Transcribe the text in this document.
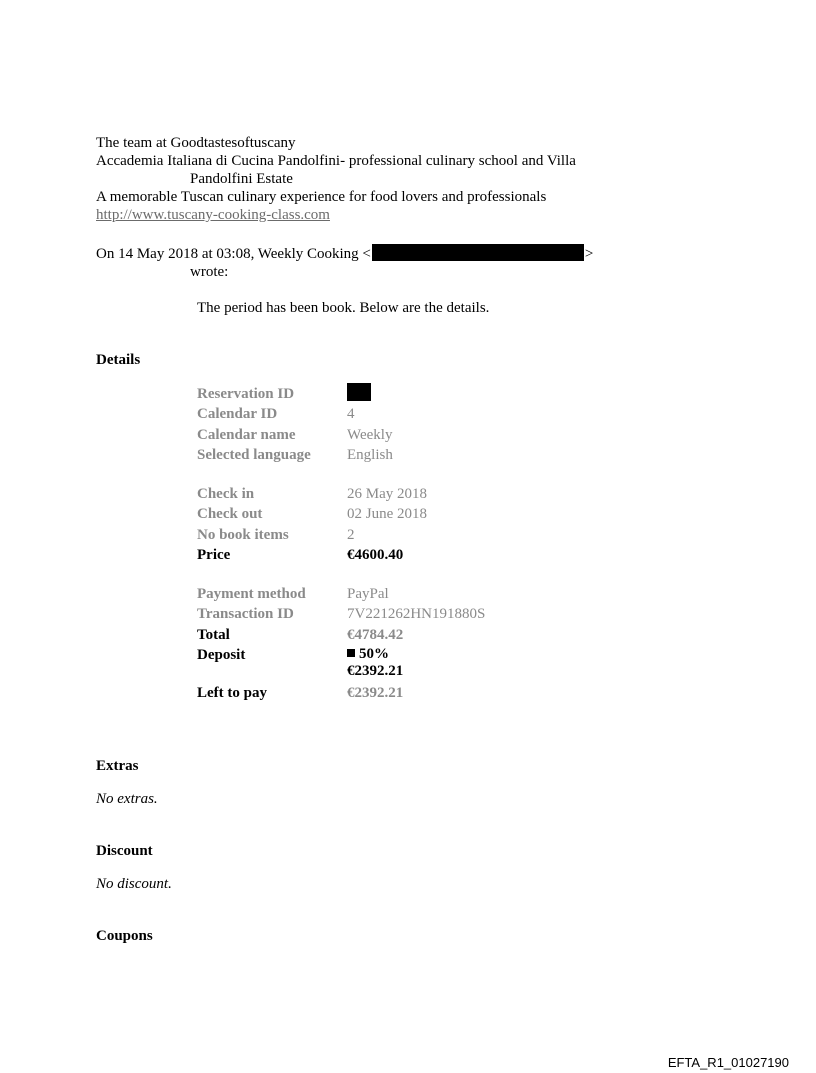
The team at Goodtastesoftuscany
Accademia Italiana di Cucina Pandolfini- professional culinary school and Villa
Pandolfini Estate
A memorable Tuscan culinary experience for food lovers and professionals
http://www.tuscany-cooking-class.com
On 14 May 2018 at 03:08, Weekly Cooking <	>
wrote:
The period has been book. Below are the details.
Details
Reservation ID
Calendar ID	4
Calendar name	Weekly
Selected language	English
Check in	26 May 2018
Check out	02 June 2018
No book items	2
Price	€4600.40
Payment method	PayPal
Transaction ID	7V221262HN191880S
Total	€4784.42
Deposit	50%
€2392.21
Left to pay	€2392.21
Extras
No extras.
Discount
No discount.
Coupons
EFTA_R1_01027190
